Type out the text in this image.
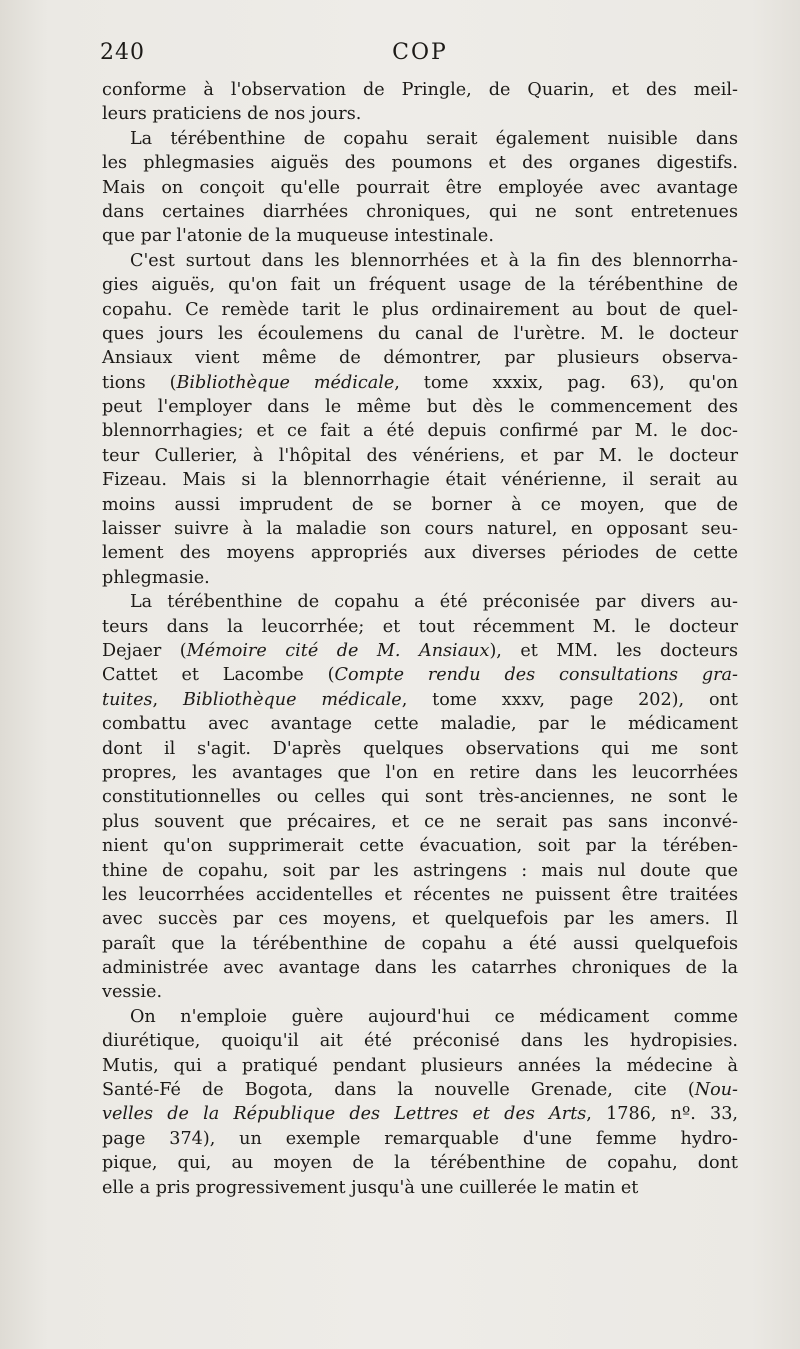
240	COP
conforme à l'observation de Pringle, de Quarin, et des meil-
leurs praticiens de nos jours.
La térébenthine de copahu serait également nuisible dans
les phlegmasies aiguës des poumons et des organes digestifs.
Mais on conçoit qu'elle pourrait être employée avec avantage
dans certaines diarrhées chroniques, qui ne sont entretenues
que par l'atonie de la muqueuse intestinale.
C'est surtout dans les blennorrhées et à la fin des blennorrha-
gies aiguës, qu'on fait un fréquent usage de la térébenthine de
copahu. Ce remède tarit le plus ordinairement au bout de quel-
ques jours les écoulemens du canal de l'urètre. M. le docteur
Ansiaux vient même de démontrer, par plusieurs observa-
tions (Bibliothèque médicale, tome xxxix, pag. 63), qu'on
peut l'employer dans le même but dès le commencement des
blennorrhagies; et ce fait a été depuis confirmé par M. le doc-
teur Cullerier, à l'hôpital des vénériens, et par M. le docteur
Fizeau. Mais si la blennorrhagie était vénérienne, il serait au
moins aussi imprudent de se borner à ce moyen, que de
laisser suivre à la maladie son cours naturel, en opposant seu-
lement des moyens appropriés aux diverses périodes de cette
phlegmasie.
La térébenthine de copahu a été préconisée par divers au-
teurs dans la leucorrhée; et tout récemment M. le docteur
Dejaer (Mémoire cité de M. Ansiaux), et MM. les docteurs
Cattet et Lacombe (Compte rendu des consultations gra-
tuites, Bibliothèque médicale, tome xxxv, page 202), ont
combattu avec avantage cette maladie, par le médicament
dont il s'agit. D'après quelques observations qui me sont
propres, les avantages que l'on en retire dans les leucorrhées
constitutionnelles ou celles qui sont très-anciennes, ne sont le
plus souvent que précaires, et ce ne serait pas sans inconvé-
nient qu'on supprimerait cette évacuation, soit par la térében-
thine de copahu, soit par les astringens : mais nul doute que
les leucorrhées accidentelles et récentes ne puissent être traitées
avec succès par ces moyens, et quelquefois par les amers. Il
paraît que la térébenthine de copahu a été aussi quelquefois
administrée avec avantage dans les catarrhes chroniques de la
vessie.
On n'emploie guère aujourd'hui ce médicament comme
diurétique, quoiqu'il ait été préconisé dans les hydropisies.
Mutis, qui a pratiqué pendant plusieurs années la médecine à
Santé-Fé de Bogota, dans la nouvelle Grenade, cite (Nou-
velles de la République des Lettres et des Arts, 1786, nº. 33,
page 374), un exemple remarquable d'une femme hydro-
pique, qui, au moyen de la térébenthine de copahu, dont
elle a pris progressivement jusqu'à une cuillerée le matin et
